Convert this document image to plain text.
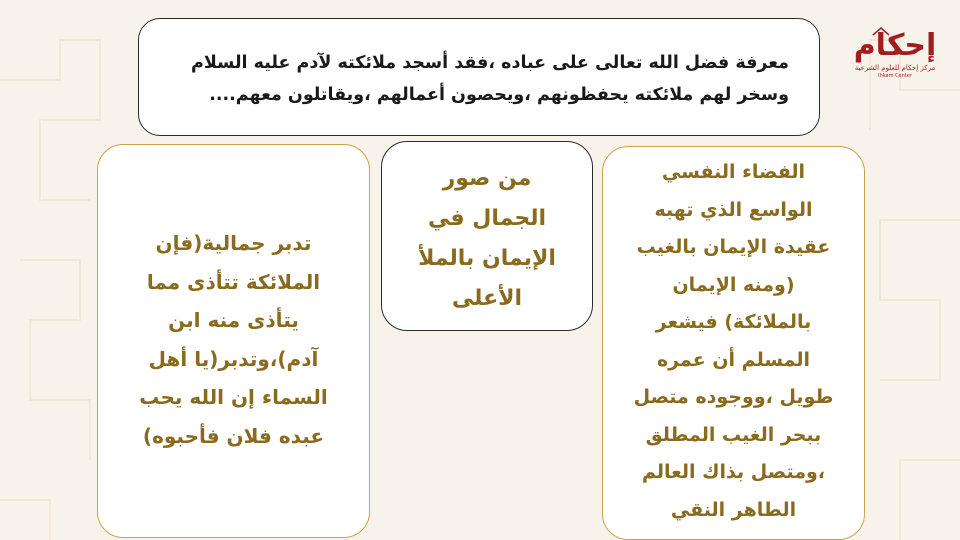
إحكام
مركز إحكام للعلوم الشرعية
Ihkam Center
معرفة فضل الله تعالى على عباده ،فقد أسجد ملائكته لآدم عليه السلام
وسخر لهم ملائكته يحفظونهم ،ويحصون أعمالهم ،ويقاتلون معهم....
من صور
الجمال في
الإيمان بالملأ
الأعلى
الفضاء النفسي
الواسع الذي تهبه
عقيدة الإيمان بالغيب
(ومنه الإيمان
بالملائكة) فيشعر
المسلم أن عمره
طويل ،ووجوده متصل
ببحر الغيب المطلق
،ومتصل بذاك العالم
الطاهر النقي
تدبر جمالية(فإن
الملائكة تتأذى مما
يتأذى منه ابن
آدم)،وتدبر(يا أهل
السماء إن الله يحب
عبده فلان فأحبوه)
